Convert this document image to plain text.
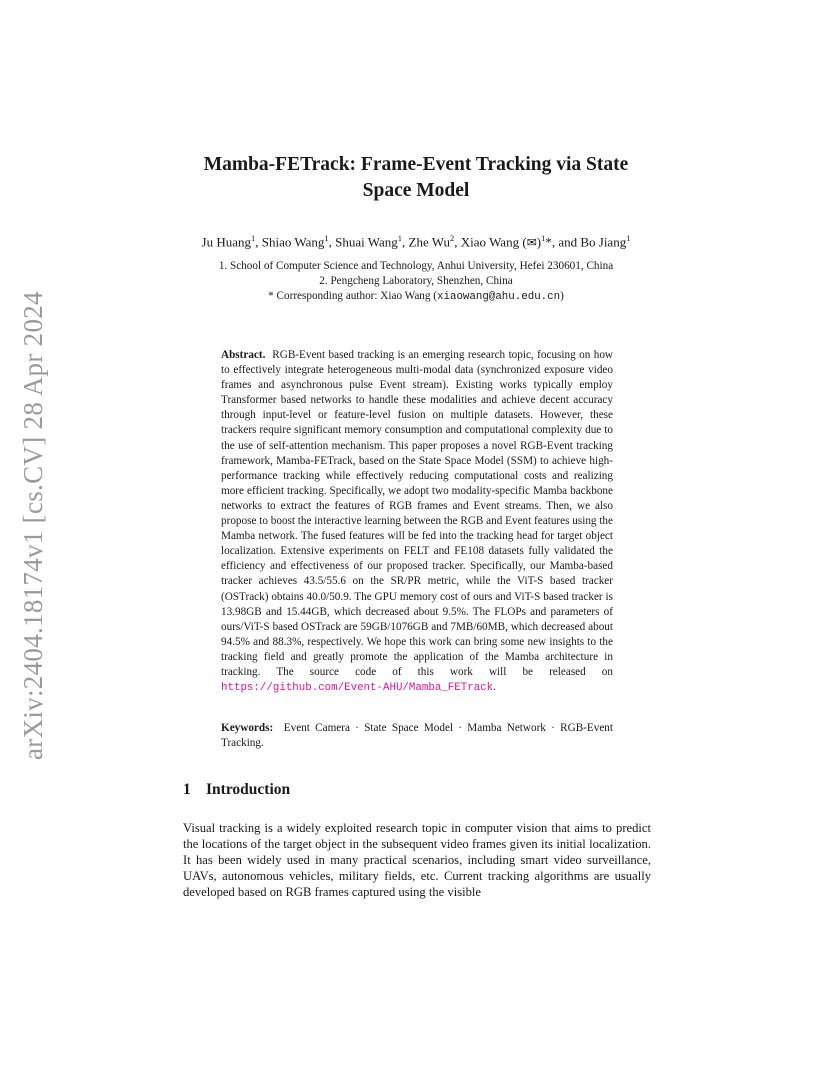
arXiv:2404.18174v1 [cs.CV] 28 Apr 2024
Mamba-FETrack: Frame-Event Tracking via State
Space Model
Ju Huang$^1$, Shiao Wang$^1$, Shuai Wang$^1$, Zhe Wu$^2$, Xiao Wang (✉)$^1$*, and Bo Jiang$^1$
1. School of Computer Science and Technology, Anhui University, Hefei 230601, China
2. Pengcheng Laboratory, Shenzhen, China
* Corresponding author: Xiao Wang (xiaowang@ahu.edu.cn)
Abstract. RGB-Event based tracking is an emerging research topic, focusing on how to effectively integrate heterogeneous multi-modal data (synchronized exposure video frames and asynchronous pulse Event stream). Existing works typically employ Transformer based networks to handle these modalities and achieve decent accuracy through input-level or feature-level fusion on multiple datasets. However, these trackers require significant memory consumption and computational complexity due to the use of self-attention mechanism. This paper proposes a novel RGB-Event tracking framework, Mamba-FETrack, based on the State Space Model (SSM) to achieve high-performance tracking while effectively reducing computational costs and realizing more efficient tracking. Specifically, we adopt two modality-specific Mamba backbone networks to extract the features of RGB frames and Event streams. Then, we also propose to boost the interactive learning between the RGB and Event features using the Mamba network. The fused features will be fed into the tracking head for target object localization. Extensive experiments on FELT and FE108 datasets fully validated the efficiency and effectiveness of our proposed tracker. Specifically, our Mamba-based tracker achieves 43.5/55.6 on the SR/PR metric, while the ViT-S based tracker (OSTrack) obtains 40.0/50.9. The GPU memory cost of ours and ViT-S based tracker is 13.98GB and 15.44GB, which decreased about 9.5%. The FLOPs and parameters of ours/ViT-S based OSTrack are 59GB/1076GB and 7MB/60MB, which decreased about 94.5% and 88.3%, respectively. We hope this work can bring some new insights to the tracking field and greatly promote the application of the Mamba architecture in tracking. The source code of this work will be released on https://github.com/Event-AHU/Mamba_FETrack.
Keywords: Event Camera · State Space Model · Mamba Network · RGB-Event Tracking.
1 Introduction
Visual tracking is a widely exploited research topic in computer vision that aims to predict the locations of the target object in the subsequent video frames given its initial localization. It has been widely used in many practical scenarios, including smart video surveillance, UAVs, autonomous vehicles, military fields, etc. Current tracking algorithms are usually developed based on RGB frames captured using the visible
